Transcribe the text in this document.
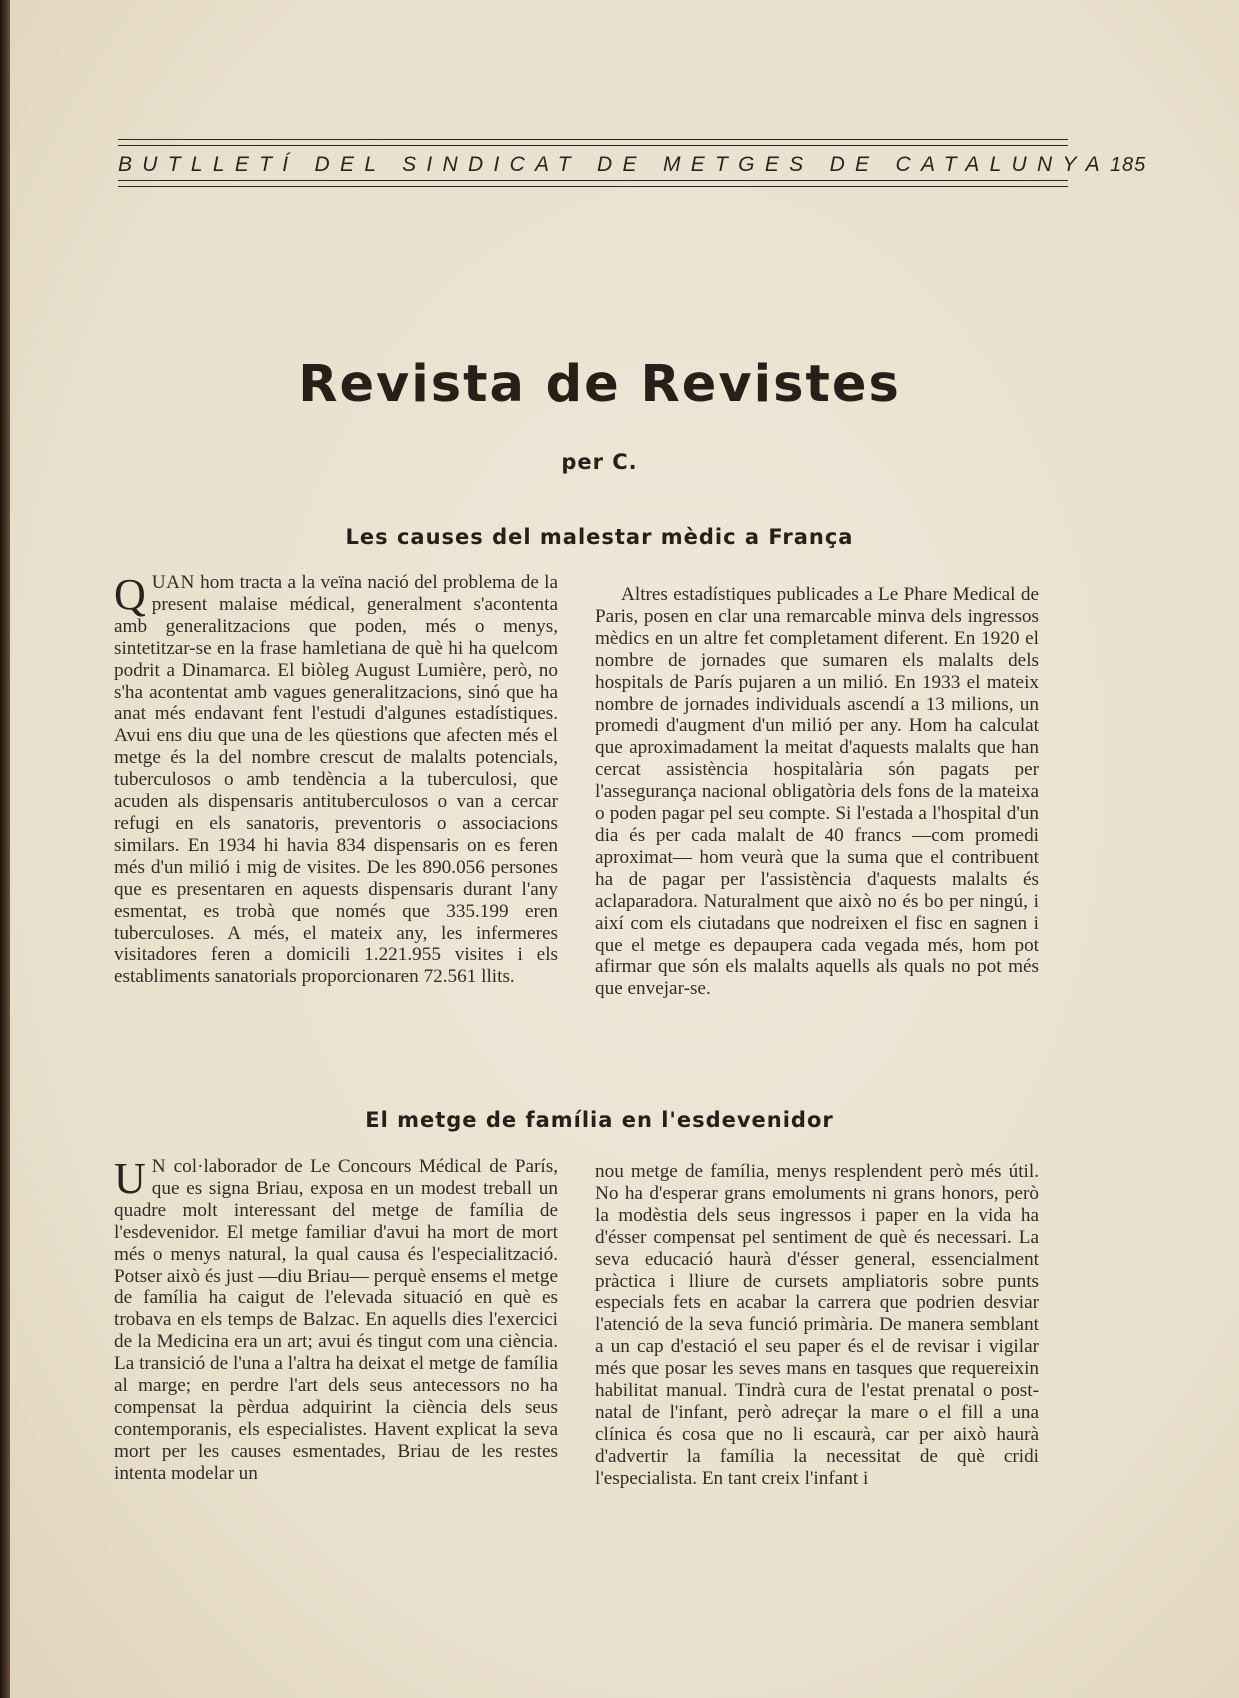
BUTLLETÍ DEL SINDICAT DE METGES DE CATALUNYA 185
Revista de Revistes
per C.
Les causes del malestar mèdic a França

QUAN hom tracta a la veïna nació del problema de la present malaise médical, generalment s'acontenta amb generalitzacions que poden, més o menys, sintetitzar-se en la frase hamletiana de què hi ha quelcom podrit a Dinamarca. El biòleg August Lumière, però, no s'ha acontentat amb vagues generalitzacions, sinó que ha anat més endavant fent l'estudi d'algunes estadístiques. Avui ens diu que una de les qüestions que afecten més el metge és la del nombre crescut de malalts potencials, tuberculosos o amb tendència a la tuberculosi, que acuden als dispensaris antituberculosos o van a cercar refugi en els sanatoris, preventoris o associacions similars. En 1934 hi havia 834 dispensaris on es feren més d'un milió i mig de visites. De les 890.056 persones que es presentaren en aquests dispensaris durant l'any esmentat, es trobà que només que 335.199 eren tuberculoses. A més, el mateix any, les infermeres visitadores feren a domicili 1.221.955 visites i els establiments sanatorials proporcionaren 72.561 llits.

Altres estadístiques publicades a Le Phare Medical de Paris, posen en clar una remarcable minva dels ingressos mèdics en un altre fet completament diferent. En 1920 el nombre de jornades que sumaren els malalts dels hospitals de París pujaren a un milió. En 1933 el mateix nombre de jornades individuals ascendí a 13 milions, un promedi d'augment d'un milió per any. Hom ha calculat que aproximadament la meitat d'aquests malalts que han cercat assistència hospitalària són pagats per l'assegurança nacional obligatòria dels fons de la mateixa o poden pagar pel seu compte. Si l'estada a l'hospital d'un dia és per cada malalt de 40 francs —com promedi aproximat— hom veurà que la suma que el contribuent ha de pagar per l'assistència d'aquests malalts és aclaparadora. Naturalment que això no és bo per ningú, i així com els ciutadans que nodreixen el fisc en sagnen i que el metge es depaupera cada vegada més, hom pot afirmar que són els malalts aquells als quals no pot més que envejar-se.

El metge de família en l'esdevenidor

U N col·laborador de Le Concours Médical de París, que es signa Briau, exposa en un modest treball un quadre molt interessant del metge de família de l'esdevenidor. El metge familiar d'avui ha mort de mort més o menys natural, la qual causa és l'especialització. Potser això és just —diu Briau— perquè ensems el metge de família ha caigut de l'elevada situació en què es trobava en els temps de Balzac. En aquells dies l'exercici de la Medicina era un art; avui és tingut com una ciència. La transició de l'una a l'altra ha deixat el metge de família al marge; en perdre l'art dels seus antecessors no ha compensat la pèrdua adquirint la ciència dels seus contemporanis, els especialistes. Havent explicat la seva mort per les causes esmentades, Briau de les restes intenta modelar un

nou metge de família, menys resplendent però més útil. No ha d'esperar grans emoluments ni grans honors, però la modèstia dels seus ingressos i paper en la vida ha d'ésser compensat pel sentiment de què és necessari. La seva educació haurà d'ésser general, essencialment pràctica i lliure de cursets ampliatoris sobre punts especials fets en acabar la carrera que podrien desviar l'atenció de la seva funció primària. De manera semblant a un cap d'estació el seu paper és el de revisar i vigilar més que posar les seves mans en tasques que requereixin habilitat manual. Tindrà cura de l'estat prenatal o post-natal de l'infant, però adreçar la mare o el fill a una clínica és cosa que no li escaurà, car per això haurà d'advertir la família la necessitat de què cridi l'especialista. En tant creix l'infant i
